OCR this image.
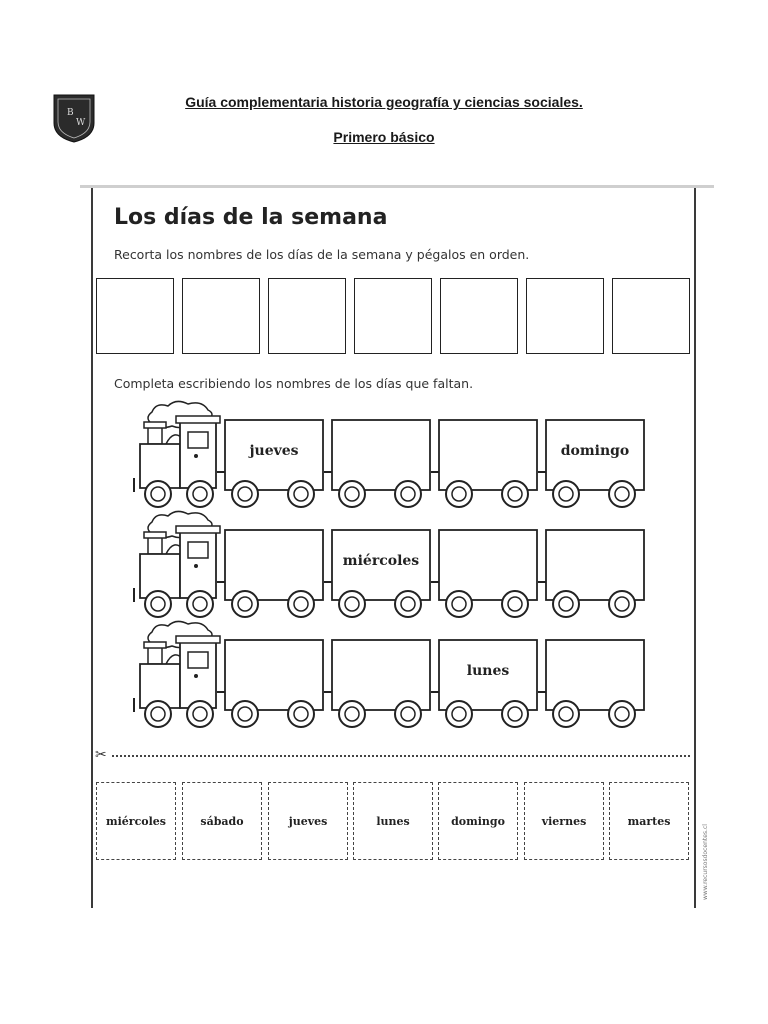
B
W
Guía complementaria historia geografía y ciencias sociales.
Primero básico
Los días de la semana
Recorta los nombres de los días de la semana y pégalos en orden.
Completa escribiendo los nombres de los días que faltan.
jueves	domingo
miércoles
lunes
✂
miércoles	sábado	jueves	lunes	domingo	viernes	martes
www.recursosdocentes.cl
